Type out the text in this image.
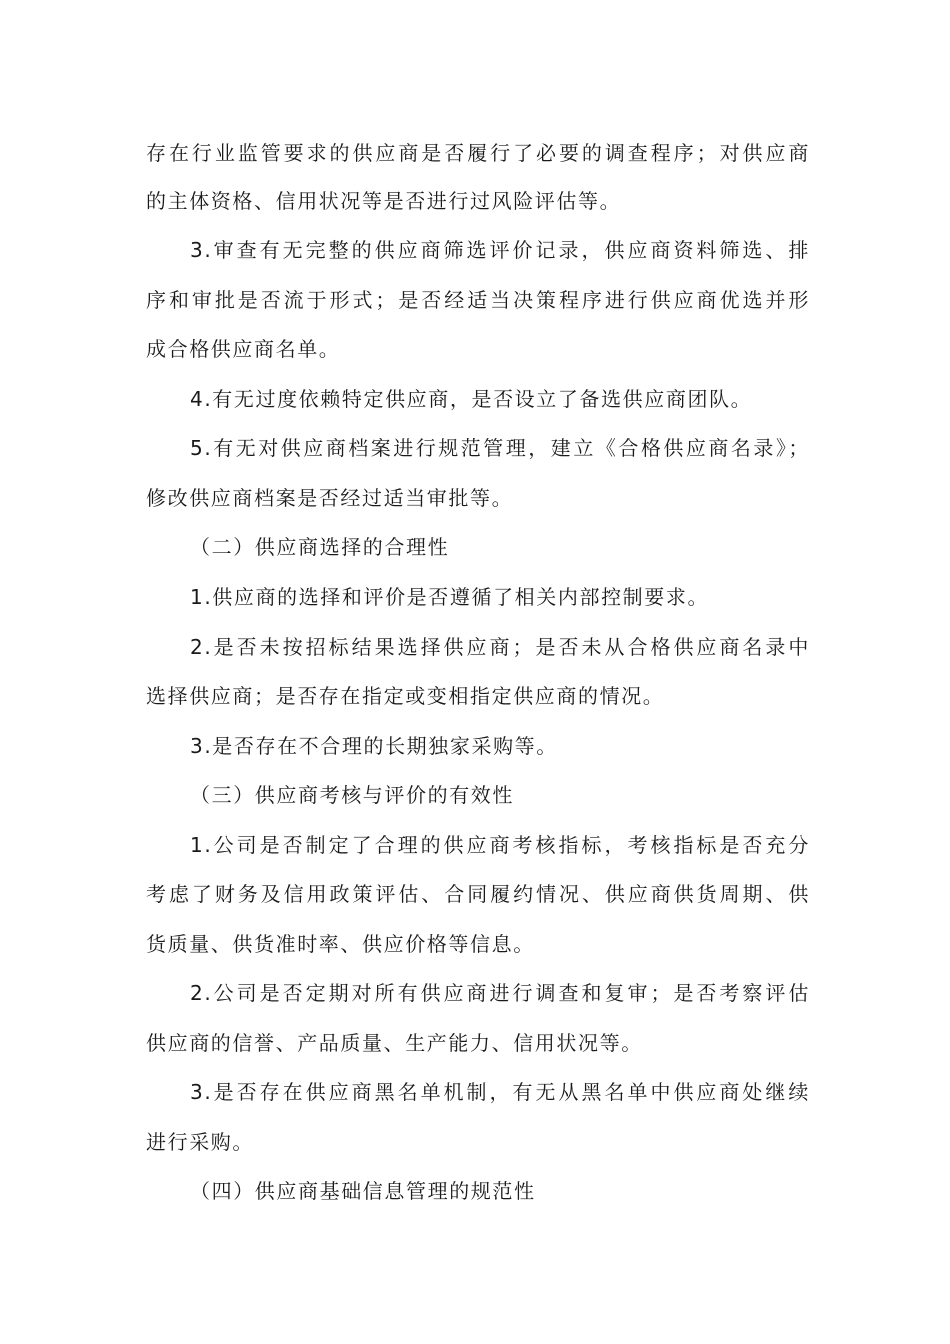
存在行业监管要求的供应商是否履行了必要的调查程序；对供应商
的主体资格、信用状况等是否进行过风险评估等。
3.审查有无完整的供应商筛选评价记录，供应商资料筛选、排
序和审批是否流于形式；是否经适当决策程序进行供应商优选并形
成合格供应商名单。
4.有无过度依赖特定供应商，是否设立了备选供应商团队。
5.有无对供应商档案进行规范管理，建立《合格供应商名录》；
修改供应商档案是否经过适当审批等。
（二）供应商选择的合理性
1.供应商的选择和评价是否遵循了相关内部控制要求。
2.是否未按招标结果选择供应商；是否未从合格供应商名录中
选择供应商；是否存在指定或变相指定供应商的情况。
3.是否存在不合理的长期独家采购等。
（三）供应商考核与评价的有效性
1.公司是否制定了合理的供应商考核指标，考核指标是否充分
考虑了财务及信用政策评估、合同履约情况、供应商供货周期、供
货质量、供货准时率、供应价格等信息。
2.公司是否定期对所有供应商进行调查和复审；是否考察评估
供应商的信誉、产品质量、生产能力、信用状况等。
3.是否存在供应商黑名单机制，有无从黑名单中供应商处继续
进行采购。
（四）供应商基础信息管理的规范性
